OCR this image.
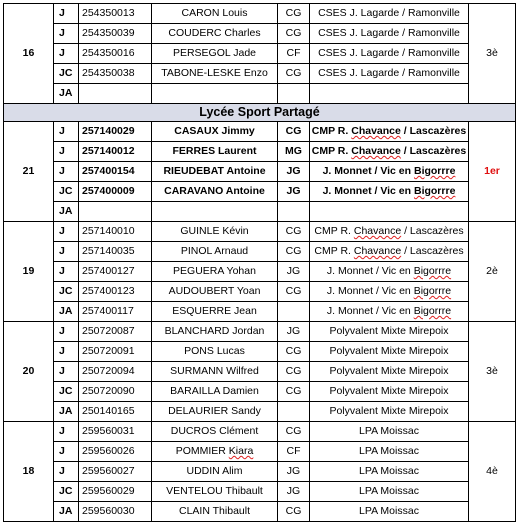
16	J	254350013	CARON Louis	CG	CSES J. Lagarde / Ramonville	3è
	J	254350039	COUDERC Charles	CG	CSES J. Lagarde / Ramonville	
	J	254350016	PERSEGOL Jade	CF	CSES J. Lagarde / Ramonville	
	JC	254350038	TABONE-LESKE Enzo	CG	CSES J. Lagarde / Ramonville	
	JA					
Lycée Sport Partagé						
21	J	257140029	CASAUX Jimmy	CG	CMP R. Chavance / Lascazères	1er
	J	257140012	FERRES Laurent	MG	CMP R. Chavance / Lascazères	
	J	257400154	RIEUDEBAT Antoine	JG	J. Monnet / Vic en Bigorrre	
	JC	257400009	CARAVANO Antoine	JG	J. Monnet / Vic en Bigorrre	
	JA					
19	J	257140010	GUINLE Kévin	CG	CMP R. Chavance / Lascazères	2è
	J	257140035	PINOL Arnaud	CG	CMP R. Chavance / Lascazères	
	J	257400127	PEGUERA Yohan	JG	J. Monnet / Vic en Bigorrre	
	JC	257400123	AUDOUBERT Yoan	CG	J. Monnet / Vic en Bigorrre	
	JA	257400117	ESQUERRE Jean		J. Monnet / Vic en Bigorrre	
20	J	250720087	BLANCHARD Jordan	JG	Polyvalent Mixte Mirepoix	3è
	J	250720091	PONS Lucas	CG	Polyvalent Mixte Mirepoix	
	J	250720094	SURMANN Wilfred	CG	Polyvalent Mixte Mirepoix	
	JC	250720090	BARAILLA Damien	CG	Polyvalent Mixte Mirepoix	
	JA	250140165	DELAURIER Sandy		Polyvalent Mixte Mirepoix	
18	J	259560031	DUCROS Clément	CG	LPA Moissac	4è
	J	259560026	POMMIER Kiara	CF	LPA Moissac	
	J	259560027	UDDIN Alim	JG	LPA Moissac	
	JC	259560029	VENTELOU Thibault	JG	LPA Moissac	
	JA	259560030	CLAIN Thibault	CG	LPA Moissac	
